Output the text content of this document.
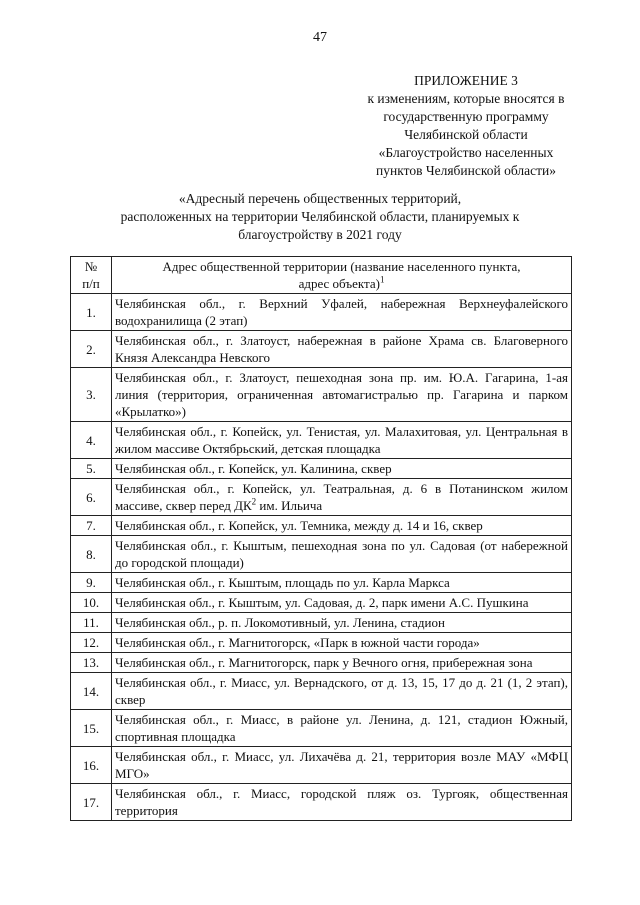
47
ПРИЛОЖЕНИЕ 3
к изменениям, которые вносятся в
государственную программу
Челябинской области
«Благоустройство населенных
пунктов Челябинской области»
«Адресный перечень общественных территорий,
расположенных на территории Челябинской области, планируемых к
благоустройству в 2021 году
№
п/п	Адрес общественной территории (название населенного пункта,
адрес объекта)$^1$
1.	Челябинская обл., г. Верхний Уфалей, набережная Верхнеуфалейского водохранилища (2 этап)
2.	Челябинская обл., г. Златоуст, набережная в районе Храма св. Благоверного Князя Александра Невского
3.	Челябинская обл., г. Златоуст, пешеходная зона пр. им. Ю.А. Гагарина, 1-ая линия (территория, ограниченная автомагистралью пр. Гагарина и парком «Крылатко»)
4.	Челябинская обл., г. Копейск, ул. Тенистая, ул. Малахитовая, ул. Центральная в жилом массиве Октябрьский, детская площадка
5.	Челябинская обл., г. Копейск, ул. Калинина, сквер
6.	Челябинская обл., г. Копейск, ул. Театральная, д. 6 в Потанинском жилом массиве, сквер перед $ДК^2$ им. Ильича
7.	Челябинская обл., г. Копейск, ул. Темника, между д. 14 и 16, сквер
8.	Челябинская обл., г. Кыштым, пешеходная зона по ул. Садовая (от набережной до городской площади)
9.	Челябинская обл., г. Кыштым, площадь по ул. Карла Маркса
10.	Челябинская обл., г. Кыштым, ул. Садовая, д. 2, парк имени А.С. Пушкина
11.	Челябинская обл., р. п. Локомотивный, ул. Ленина, стадион
12.	Челябинская обл., г. Магнитогорск, «Парк в южной части города»
13.	Челябинская обл., г. Магнитогорск, парк у Вечного огня, прибережная зона
14.	Челябинская обл., г. Миасс, ул. Вернадского, от д. 13, 15, 17 до д. 21 (1, 2 этап), сквер
15.	Челябинская обл., г. Миасс, в районе ул. Ленина, д. 121, стадион Южный, спортивная площадка
16.	Челябинская обл., г. Миасс, ул. Лихачёва д. 21, территория возле МАУ «МФЦ МГО»
17.	Челябинская обл., г. Миасс, городской пляж оз. Тургояк, общественная территория
